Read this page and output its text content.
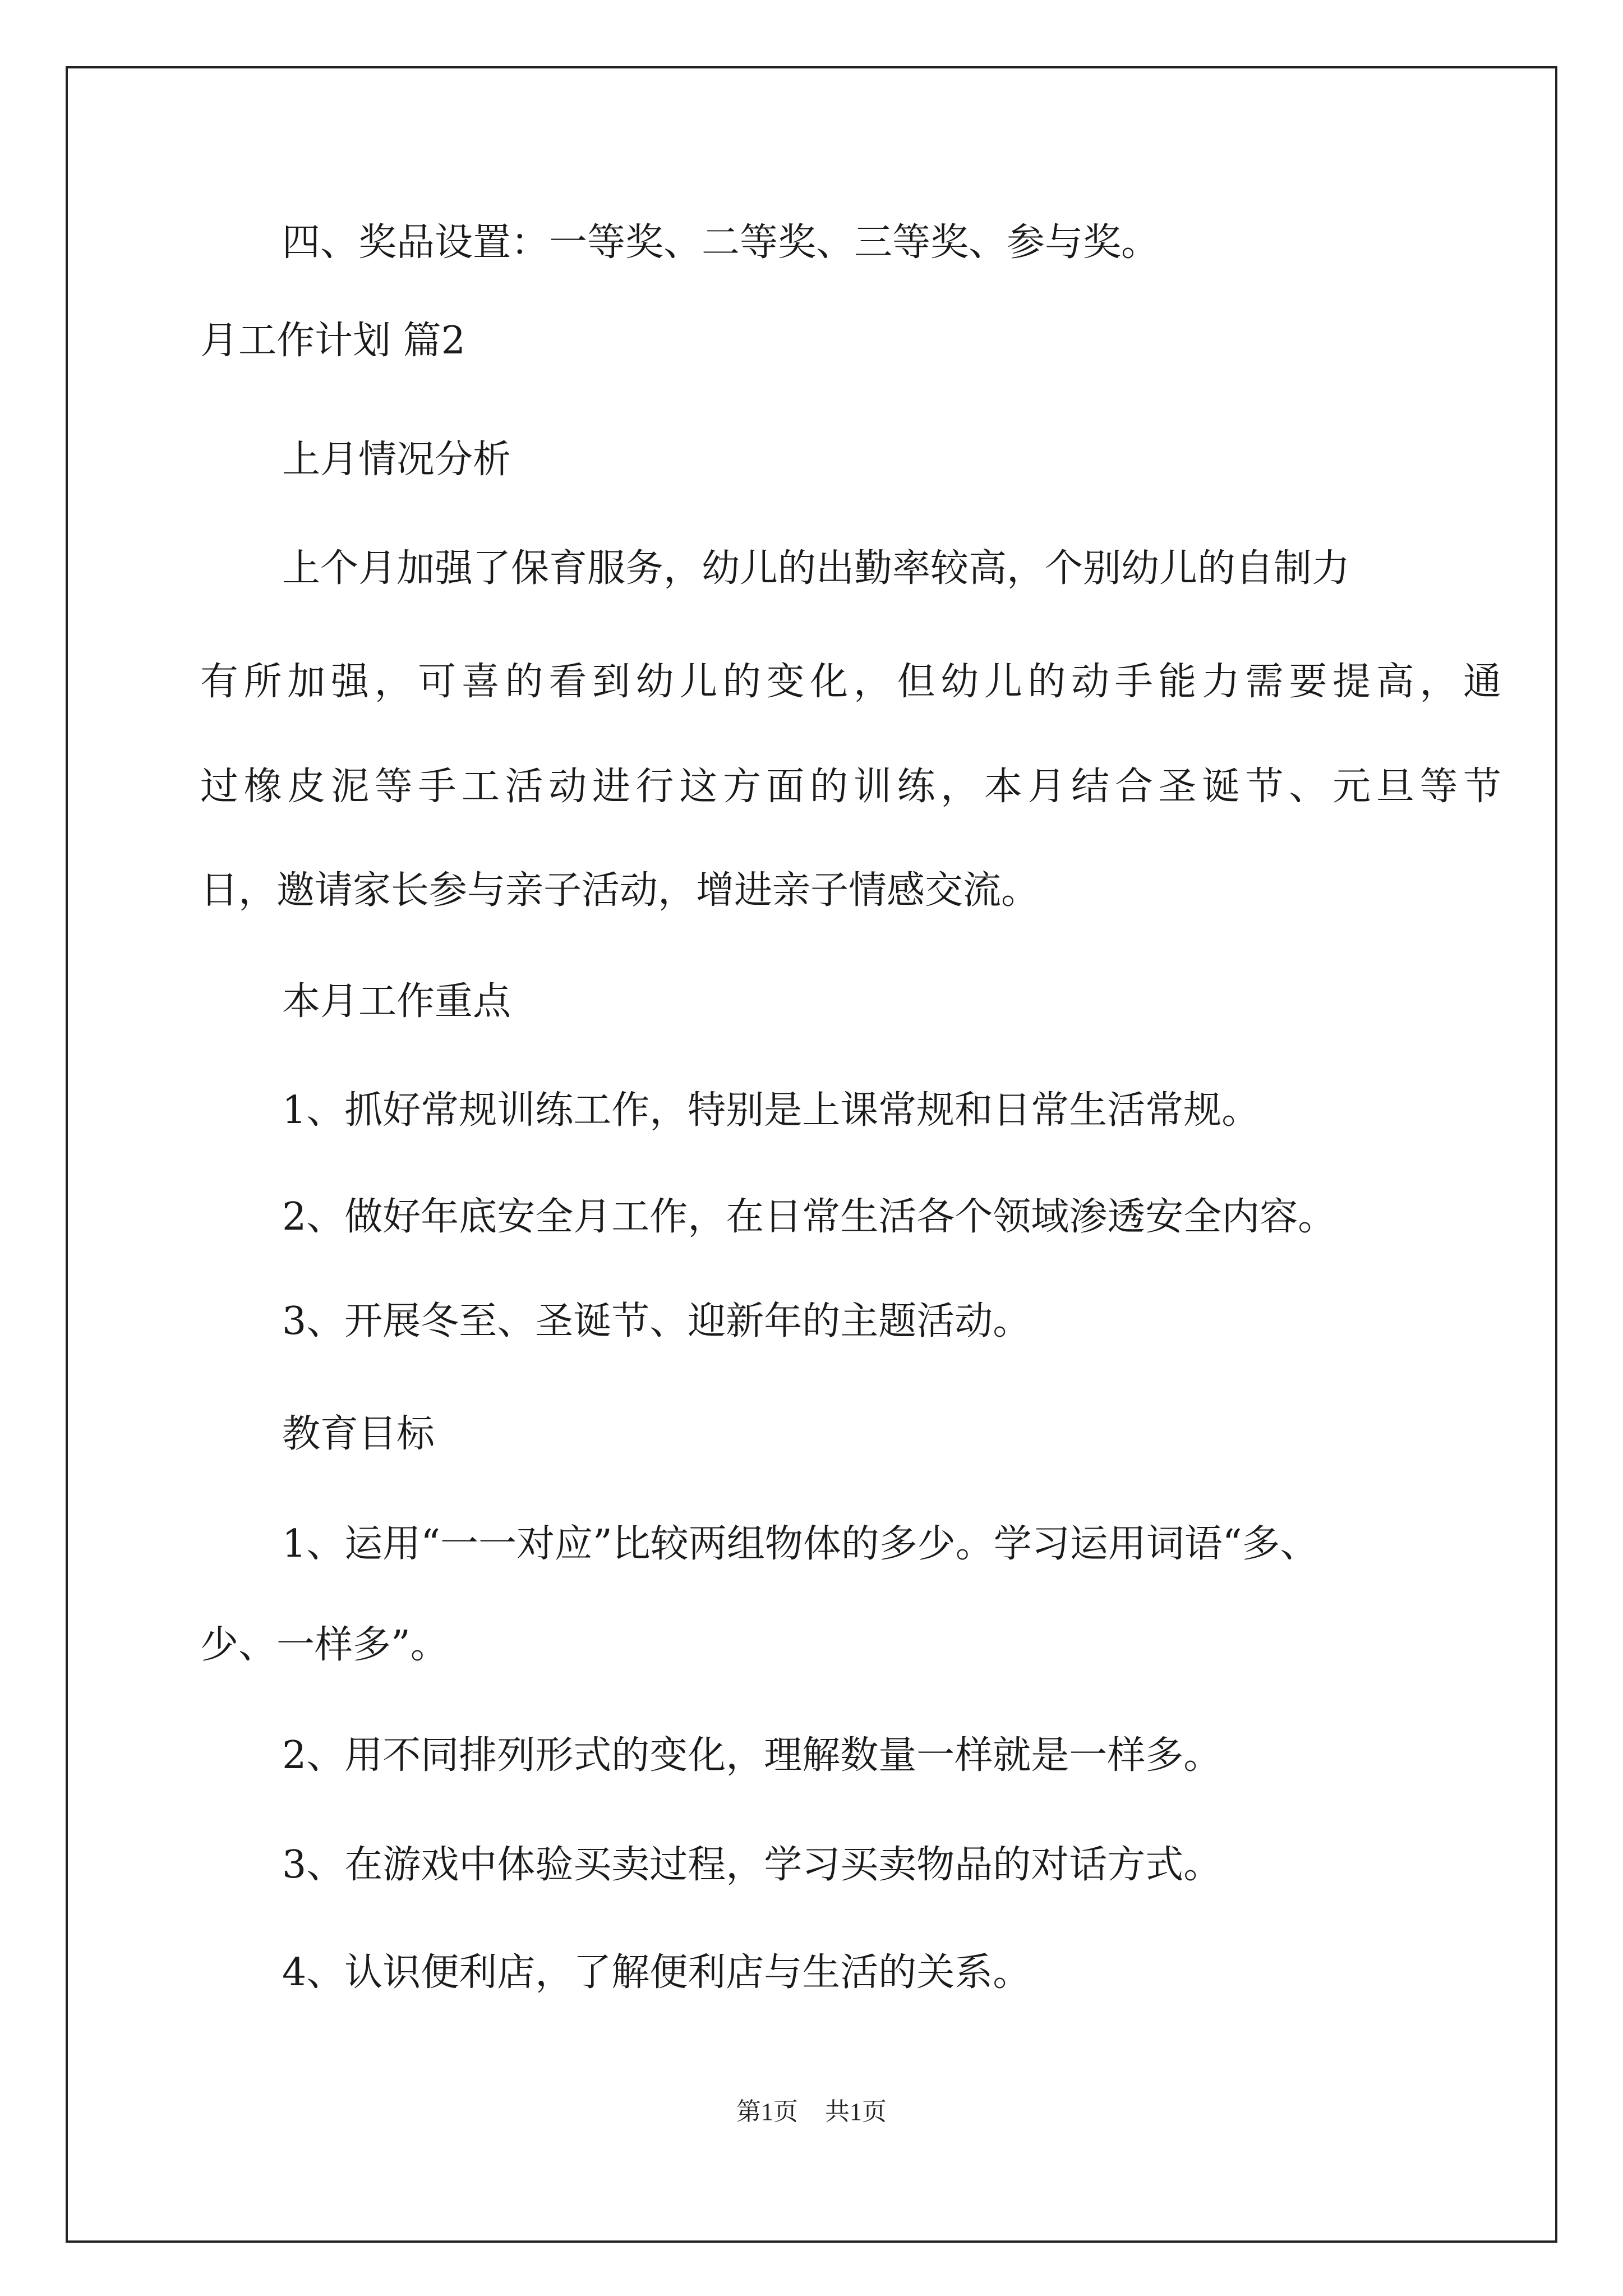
四、奖品设置：一等奖、二等奖、三等奖、参与奖。
月工作计划 篇2
上月情况分析
上个月加强了保育服务，幼儿的出勤率较高，个别幼儿的自制力
有所加强，可喜的看到幼儿的变化，但幼儿的动手能力需要提高，通
过橡皮泥等手工活动进行这方面的训练，本月结合圣诞节、元旦等节
日，邀请家长参与亲子活动，增进亲子情感交流。
本月工作重点
1、抓好常规训练工作，特别是上课常规和日常生活常规。
2、做好年底安全月工作，在日常生活各个领域渗透安全内容。
3、开展冬至、圣诞节、迎新年的主题活动。
教育目标
1、运用“一一对应”比较两组物体的多少。学习运用词语“多、
少、一样多”。
2、用不同排列形式的变化，理解数量一样就是一样多。
3、在游戏中体验买卖过程，学习买卖物品的对话方式。
4、认识便利店，了解便利店与生活的关系。
第1页 共1页
